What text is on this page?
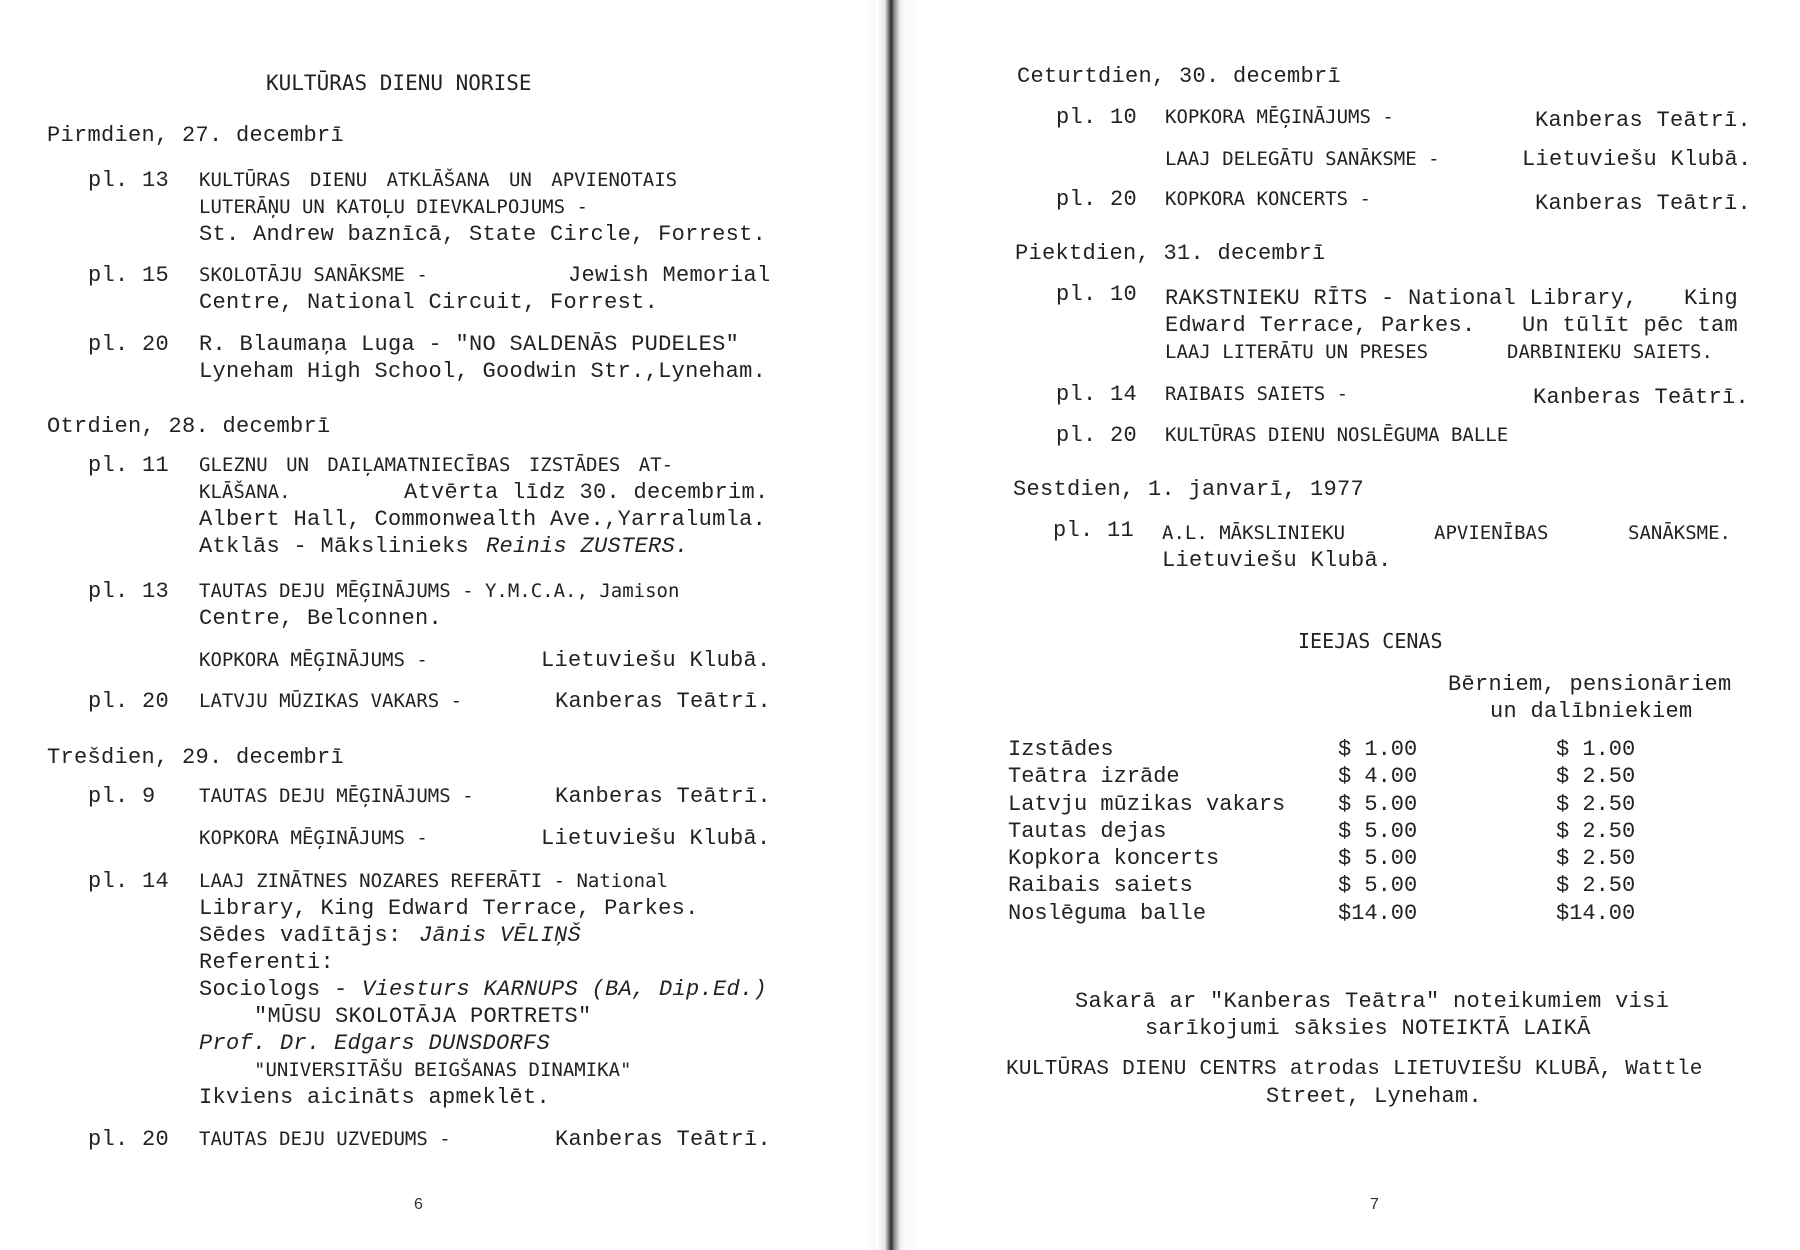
KULTŪRAS DIENU NORISE
Pirmdien, 27. decembrī
pl. 13 KULTŪRAS DIENU ATKLĀŠANA UN APVIENOTAIS
LUTERĀŅU UN KATOĻU DIEVKALPOJUMS -
St. Andrew baznīcā, State Circle, Forrest.
pl. 15 SKOLOTĀJU SANĀKSME -	Jewish Memorial
Centre, National Circuit, Forrest.
pl. 20 R. Blaumaņa Luga - "NO SALDENĀS PUDELES"
Lyneham High School, Goodwin Str.,Lyneham.
Otrdien, 28. decembrī
pl. 11 GLEZNU UN DAIĻAMATNIECĪBAS IZSTĀDES AT-
KLĀŠANA.	Atvērta līdz 30. decembrim.
Albert Hall, Commonwealth Ave.,Yarralumla.
Atklās - Mākslinieks Reinis ZUSTERS.
pl. 13 TAUTAS DEJU MĒĢINĀJUMS - Y.M.C.A., Jamison
Centre, Belconnen.
KOPKORA MĒĢINĀJUMS -	Lietuviešu Klubā.
pl. 20 LATVJU MŪZIKAS VAKARS -	Kanberas Teātrī.
Trešdien, 29. decembrī
pl. 9 TAUTAS DEJU MĒĢINĀJUMS -	Kanberas Teātrī.
KOPKORA MĒĢINĀJUMS -	Lietuviešu Klubā.
pl. 14 LAAJ ZINĀTNES NOZARES REFERĀTI - National
Library, King Edward Terrace, Parkes.
Sēdes vadītājs: Jānis VĒLIŅŠ
Referenti:
Sociologs - Viesturs KARNUPS (BA, Dip.Ed.)
"MŪSU SKOLOTĀJA PORTRETS"
Prof. Dr. Edgars DUNSDORFS
"UNIVERSITĀŠU BEIGŠANAS DINAMIKA"
Ikviens aicināts apmeklēt.
pl. 20 TAUTAS DEJU UZVEDUMS -	Kanberas Teātrī.
6
Ceturtdien, 30. decembrī
pl. 10 KOPKORA MĒĢINĀJUMS -	Kanberas Teātrī.
LAAJ DELEGĀTU SANĀKSME -	Lietuviešu Klubā.
pl. 20 KOPKORA KONCERTS -	Kanberas Teātrī.
Piektdien, 31. decembrī
pl. 10 RAKSTNIEKU RĪTS - National Library, King
Edward Terrace, Parkes. Un tūlīt pēc tam
LAAJ LITERĀTU UN PRESES	DARBINIEKU SAIETS.
pl. 14 RAIBAIS SAIETS -	Kanberas Teātrī.
pl. 20 KULTŪRAS DIENU NOSLĒGUMA BALLE
Sestdien, 1. janvarī, 1977
pl. 11 A.L. MĀKSLINIEKU	APVIENĪBAS	SANĀKSME.
Lietuviešu Klubā.
IEEJAS CENAS
Bērniem, pensionāriem
un dalībniekiem
Izstādes	$ 1.00	$ 1.00
Teātra izrāde	$ 4.00	$ 2.50
Latvju mūzikas vakars $ 5.00	$ 2.50
Tautas dejas	$ 5.00	$ 2.50
Kopkora koncerts	$ 5.00	$ 2.50
Raibais saiets	$ 5.00	$ 2.50
Noslēguma balle	$14.00	$14.00
Sakarā ar "Kanberas Teātra" noteikumiem visi
sarīkojumi sāksies NOTEIKTĀ LAIKĀ
KULTŪRAS DIENU CENTRS atrodas LIETUVIEŠU KLUBĀ, Wattle
Street, Lyneham.
7
